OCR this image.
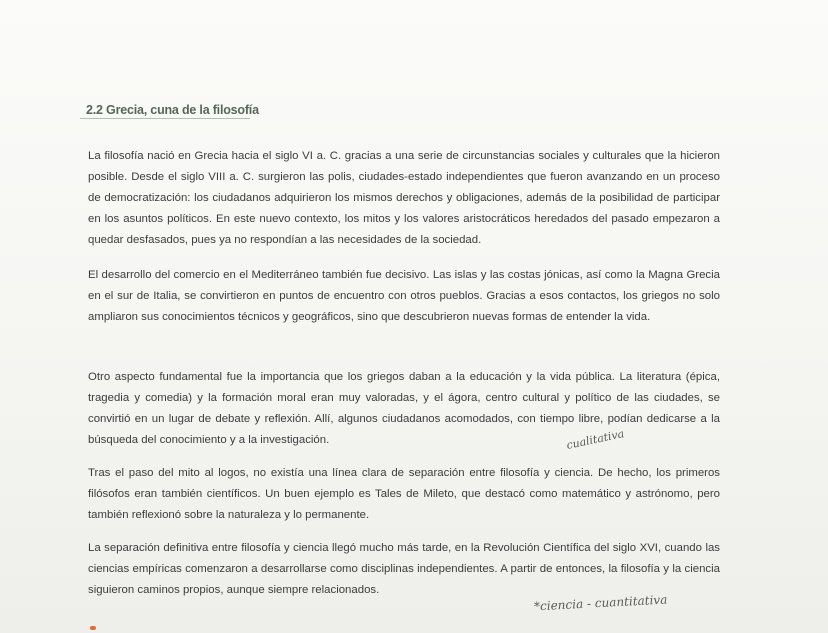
2.2 Grecia, cuna de la filosofía

La filosofía nació en Grecia hacia el siglo VI a. C. gracias a una serie de circunstancias sociales y culturales que la hicieron posible. Desde el siglo VIII a. C. surgieron las polis, ciudades-estado independientes que fueron avanzando en un proceso de democratización: los ciudadanos adquirieron los mismos derechos y obligaciones, además de la posibilidad de participar en los asuntos políticos. En este nuevo contexto, los mitos y los valores aristocráticos heredados del pasado empezaron a quedar desfasados, pues ya no respondían a las necesidades de la sociedad.

El desarrollo del comercio en el Mediterráneo también fue decisivo. Las islas y las costas jónicas, así como la Magna Grecia en el sur de Italia, se convirtieron en puntos de encuentro con otros pueblos. Gracias a esos contactos, los griegos no solo ampliaron sus conocimientos técnicos y geográficos, sino que descubrieron nuevas formas de entender la vida.

Otro aspecto fundamental fue la importancia que los griegos daban a la educación y la vida pública. La literatura (épica, tragedia y comedia) y la formación moral eran muy valoradas, y el ágora, centro cultural y político de las ciudades, se convirtió en un lugar de debate y reflexión. Allí, algunos ciudadanos acomodados, con tiempo libre, podían dedicarse a la búsqueda del conocimiento y a la investigación.

Tras el paso del mito al logos, no existía una línea clara de separación entre filosofía y ciencia. De hecho, los primeros filósofos eran también científicos. Un buen ejemplo es Tales de Mileto, que destacó como matemático y astrónomo, pero también reflexionó sobre la naturaleza y lo permanente.

La separación definitiva entre filosofía y ciencia llegó mucho más tarde, en la Revolución Científica del siglo XVI, cuando las ciencias empíricas comenzaron a desarrollarse como disciplinas independientes. A partir de entonces, la filosofía y la ciencia siguieron caminos propios, aunque siempre relacionados.

cualitativa
*ciencia - cuantitativa
